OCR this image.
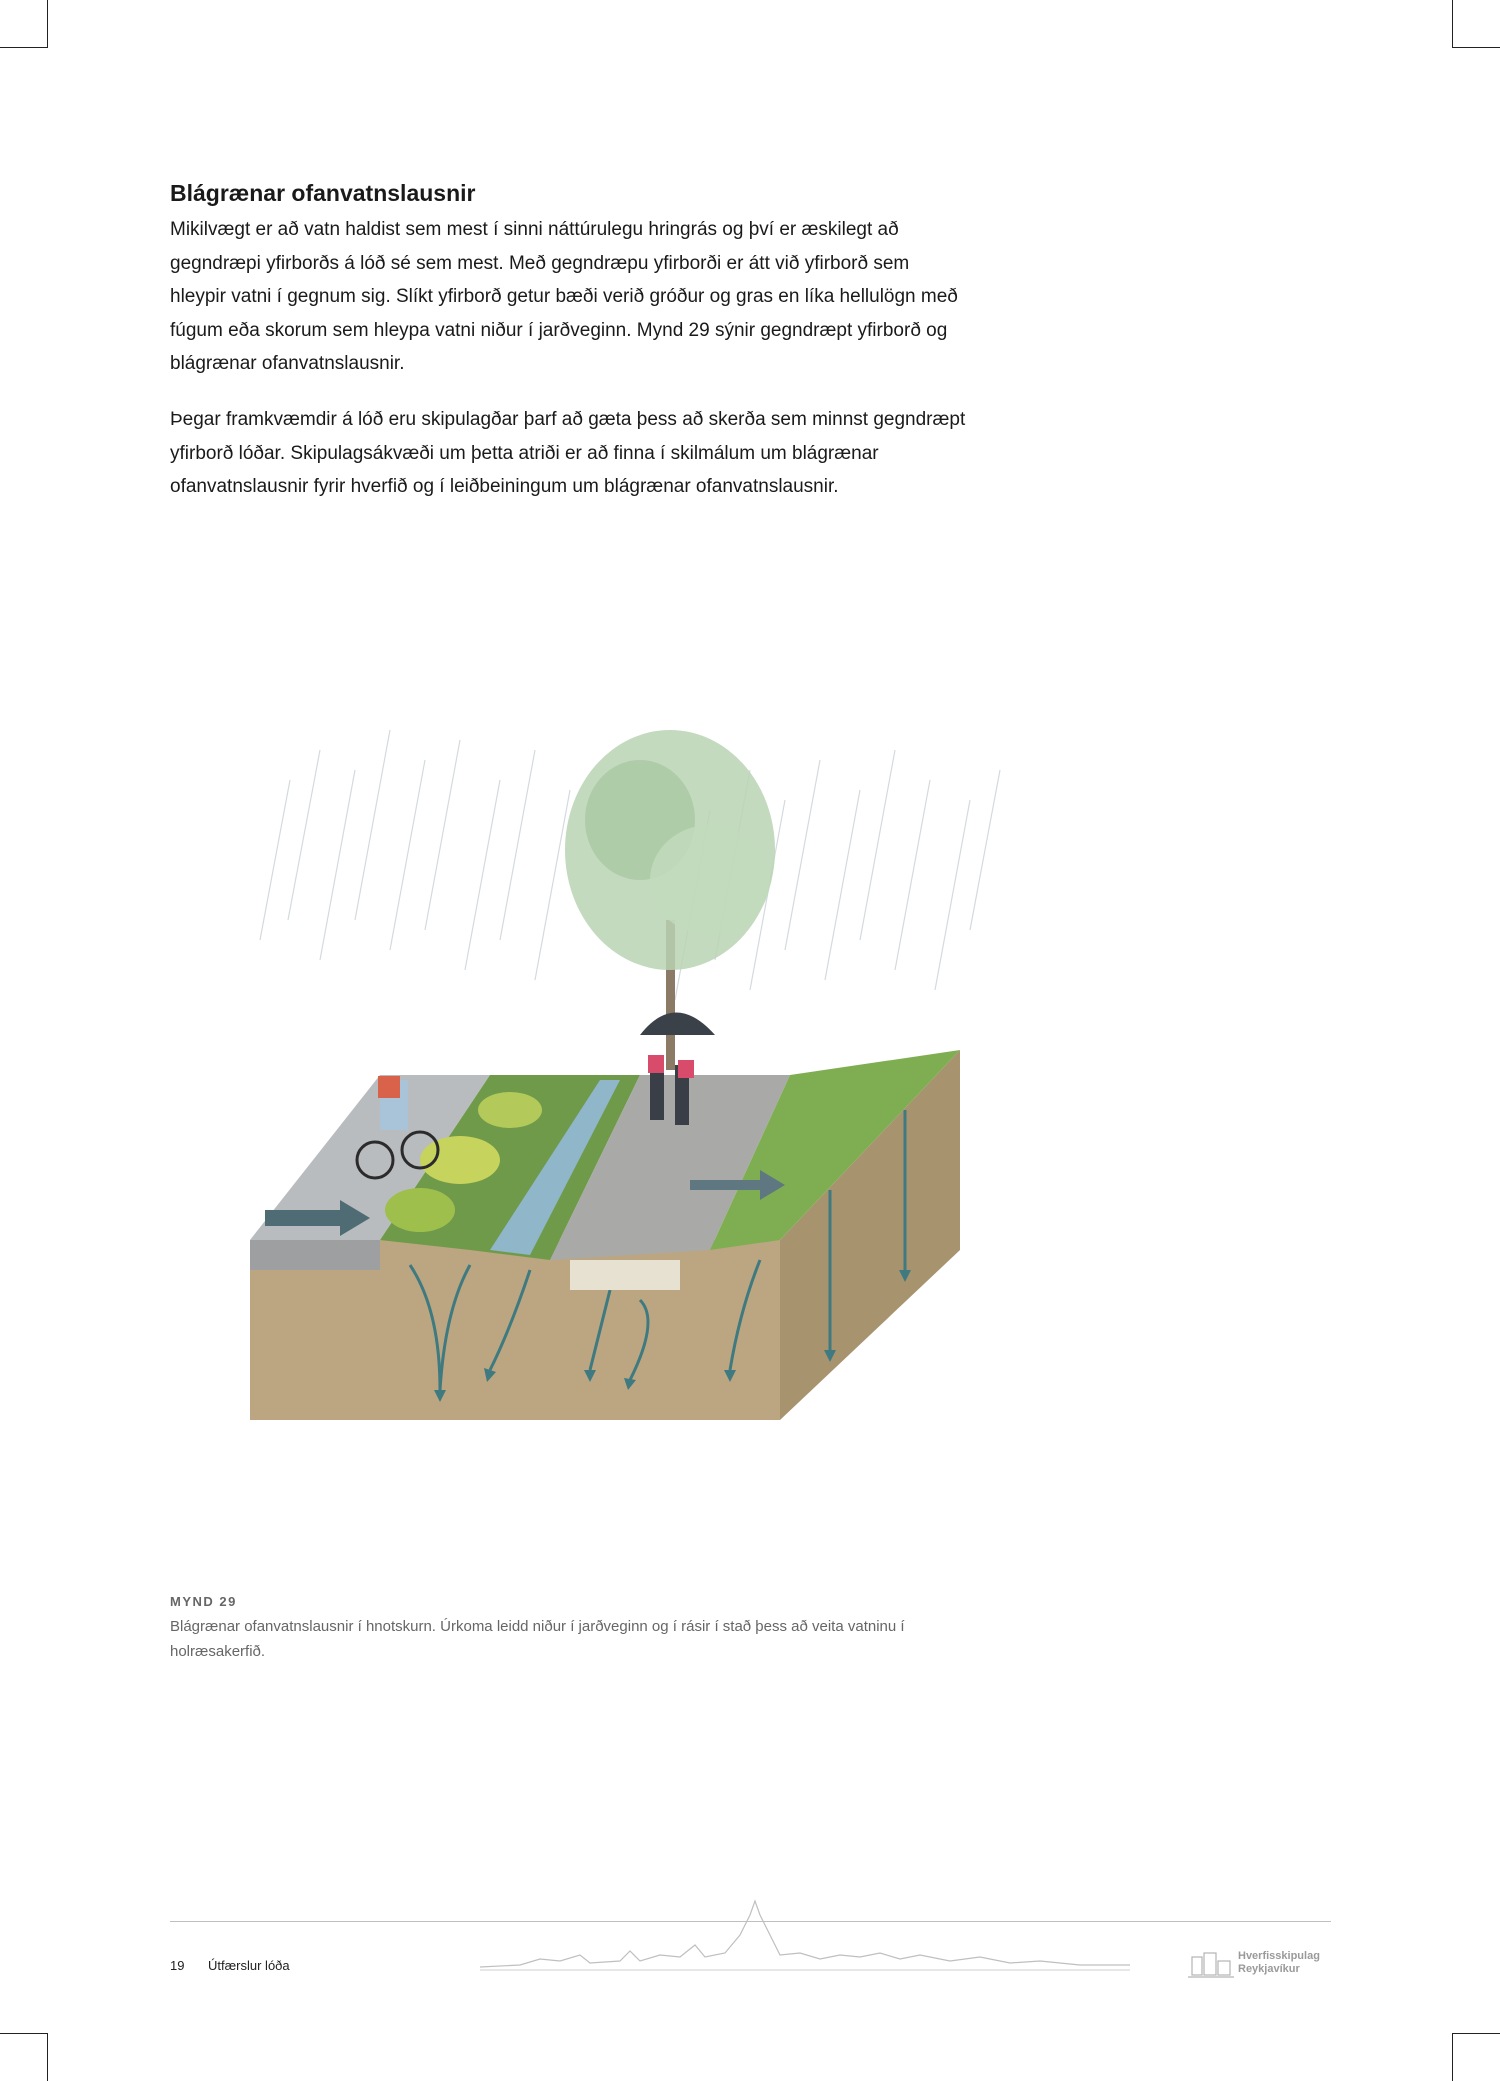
Blágrænar ofanvatnslausnir

Mikilvægt er að vatn haldist sem mest í sinni náttúrulegu hringrás og því er æskilegt að gegndræpi yfirborðs á lóð sé sem mest. Með gegndræpu yfirborði er átt við yfirborð sem hleypir vatni í gegnum sig. Slíkt yfirborð getur bæði verið gróður og gras en líka hellulögn með fúgum eða skorum sem hleypa vatni niður í jarðveginn. Mynd 29 sýnir gegndræpt yfirborð og blágrænar ofanvatnslausnir.

Þegar framkvæmdir á lóð eru skipulagðar þarf að gæta þess að skerða sem minnst gegndræpt yfirborð lóðar. Skipulagsákvæði um þetta atriði er að finna í skilmálum um blágrænar ofanvatnslausnir fyrir hverfið og í leiðbeiningum um blágrænar ofanvatnslausnir.

MYND 29

Blágrænar ofanvatnslausnir í hnotskurn. Úrkoma leidd niður í jarðveginn og í rásir í stað þess að veita vatninu í holræsakerfið.

19 Útfærslur lóða
Hverfisskipulag
Reykjavíkur
